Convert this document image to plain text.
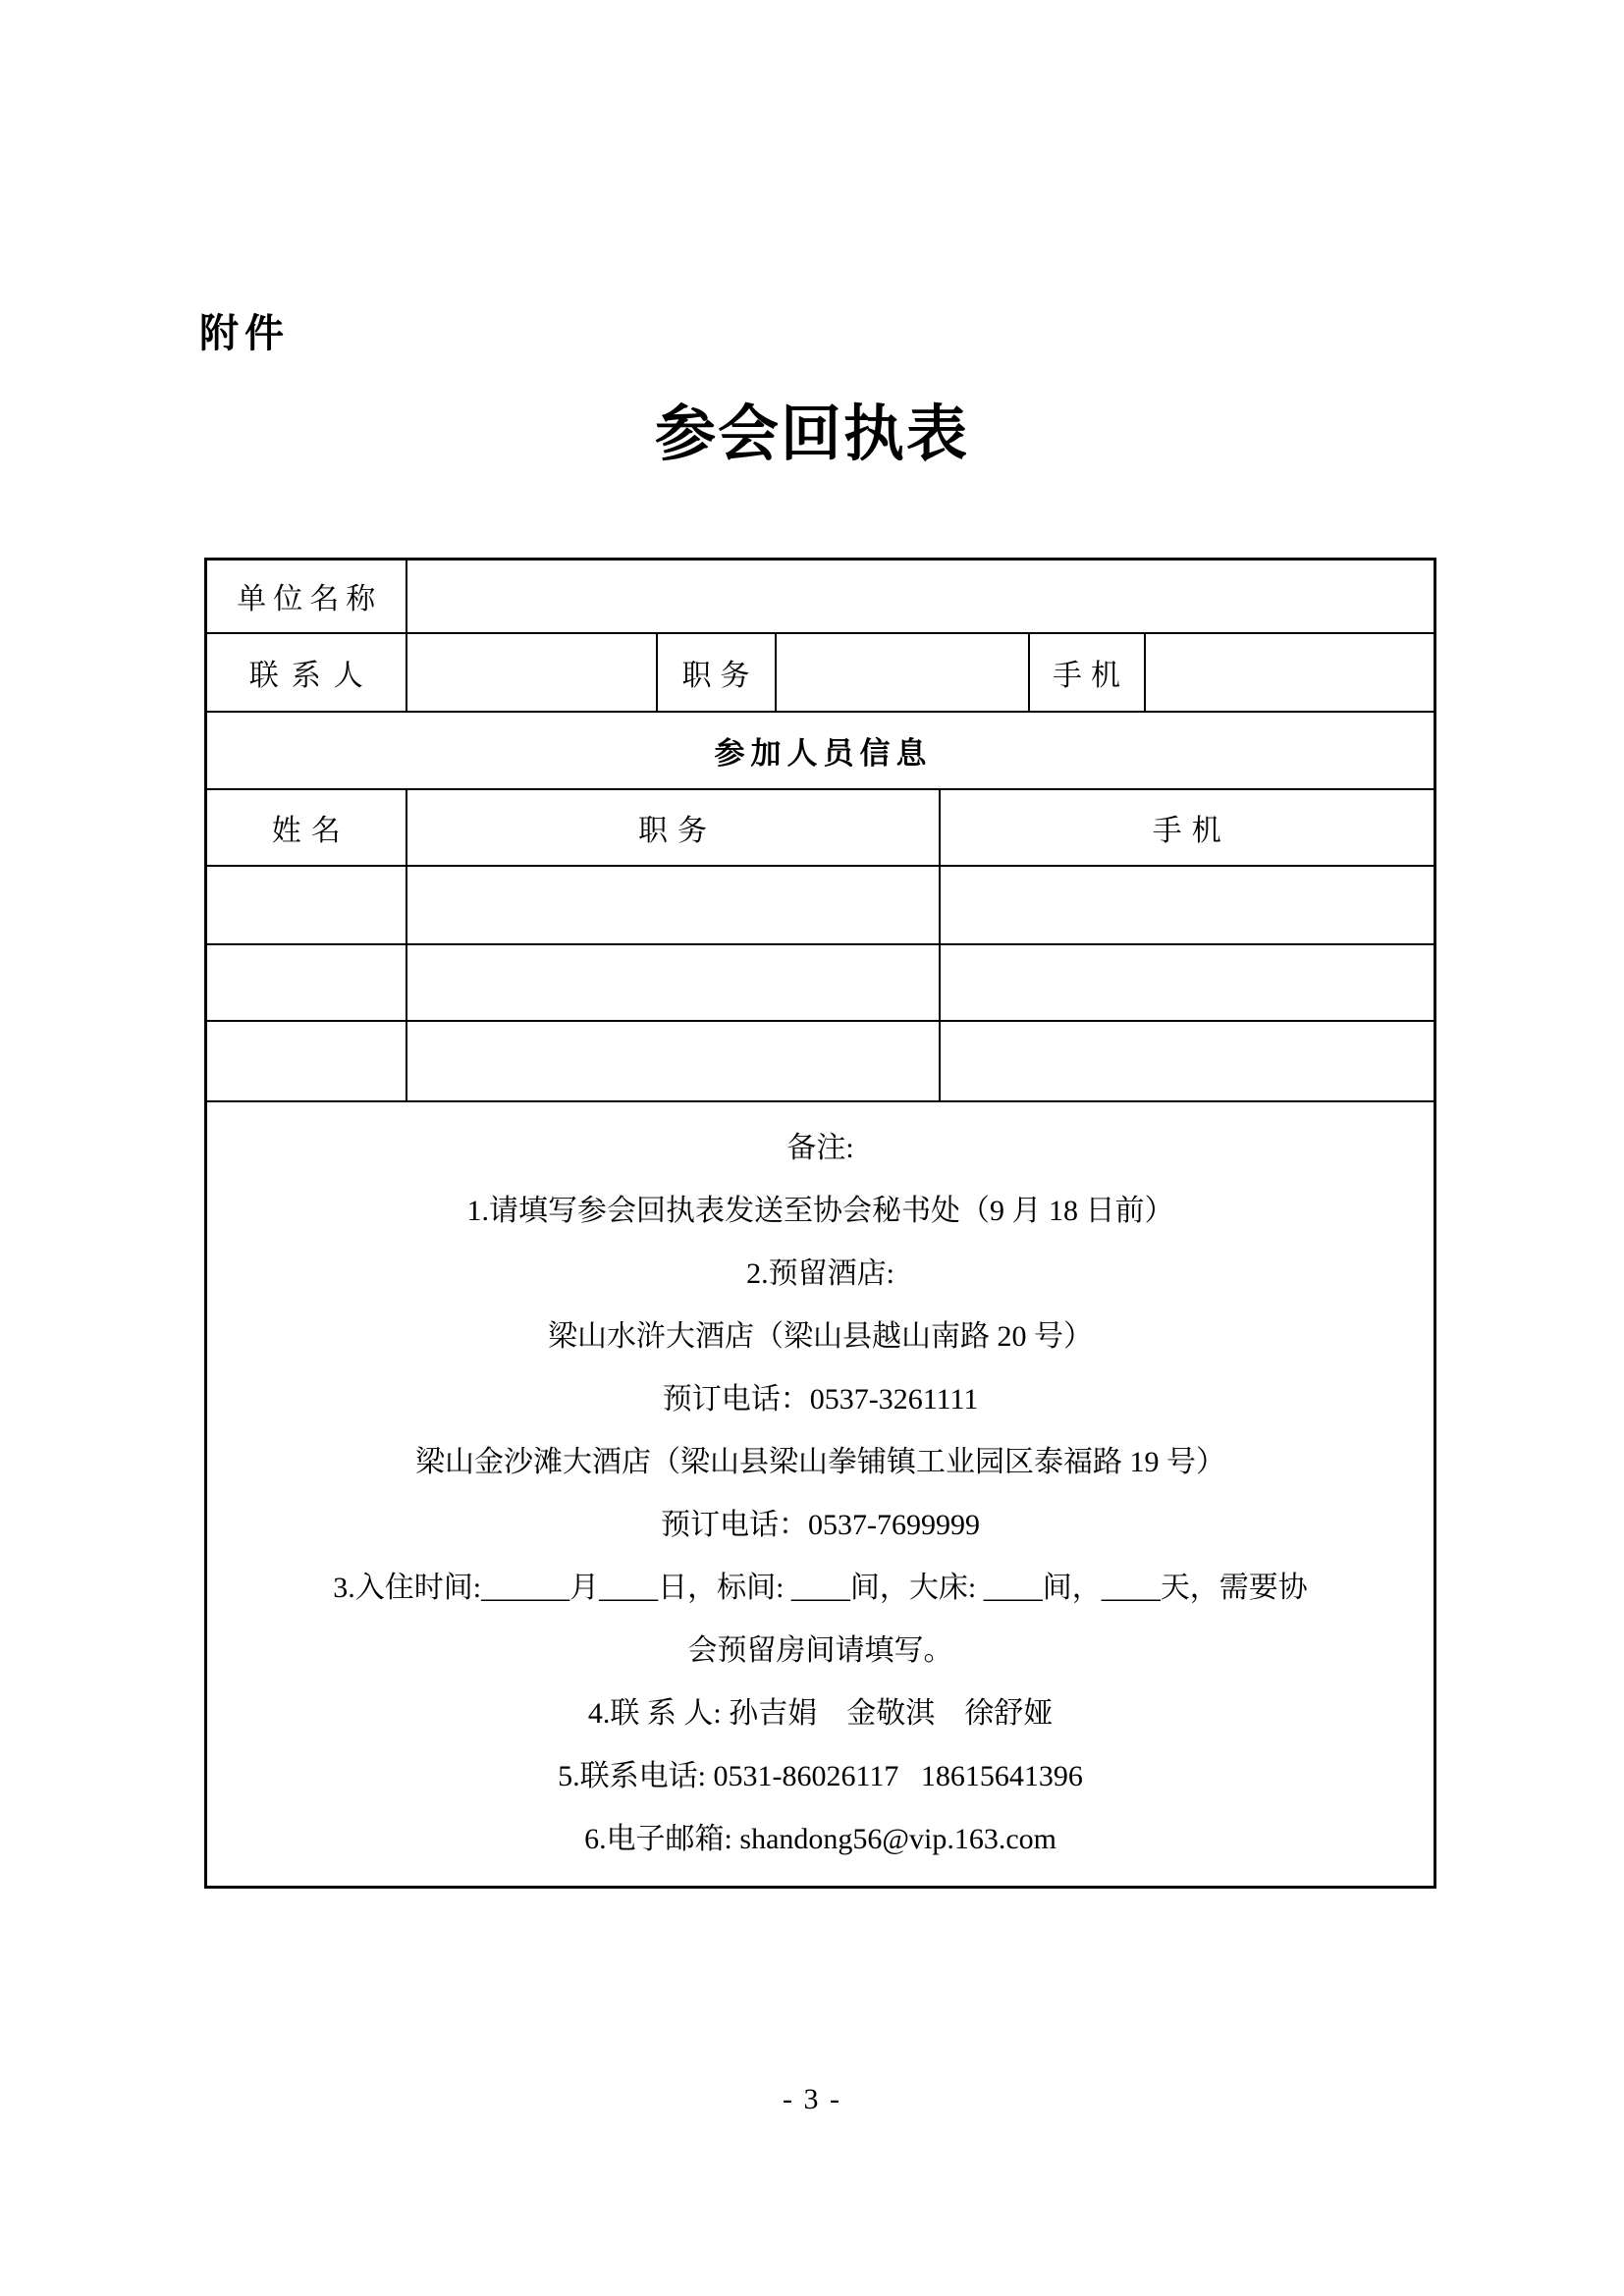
附件
参会回执表
单位名称						
联系人		职务			手机	
参加人员信息						
姓名	职务			手机		

备注:
1.请填写参会回执表发送至协会秘书处（9 月 18 日前）
2.预留酒店:
梁山水浒大酒店（梁山县越山南路 20 号）
预订电话：0537-3261111
梁山金沙滩大酒店（梁山县梁山拳铺镇工业园区泰福路 19 号）
预订电话：0537-7699999
3.入住时间:______月____日，标间: ____间，大床: ____间，____天，需要协
会预留房间请填写。
4.联 系 人: 孙吉娟　金敬淇　徐舒娅
5.联系电话: 0531-86026117   18615641396
6.电子邮箱: shandong56@vip.163.com
- 3 -
